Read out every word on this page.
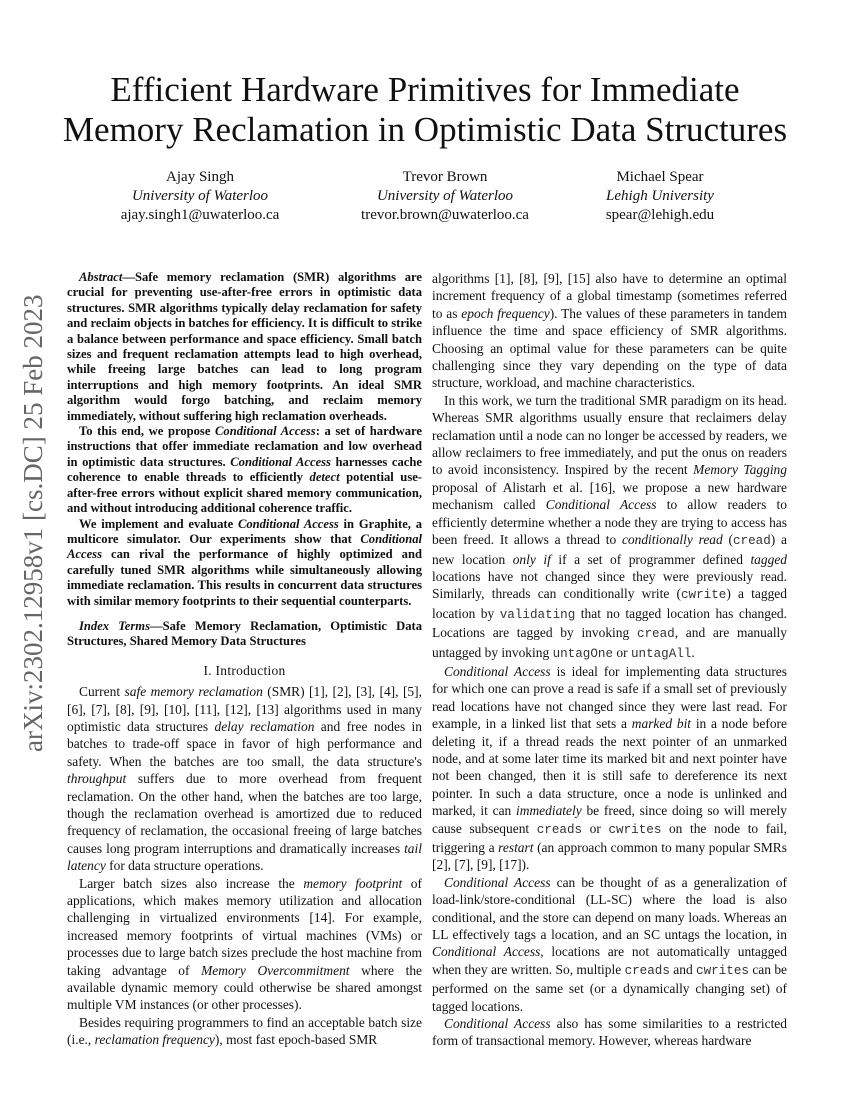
Efficient Hardware Primitives for Immediate Memory Reclamation in Optimistic Data Structures
Ajay Singh
University of Waterloo
ajay.singh1@uwaterloo.ca
Trevor Brown
University of Waterloo
trevor.brown@uwaterloo.ca
Michael Spear
Lehigh University
spear@lehigh.edu
arXiv:2302.12958v1 [cs.DC] 25 Feb 2023

Abstract—Safe memory reclamation (SMR) algorithms are crucial for preventing use-after-free errors in optimistic data structures. SMR algorithms typically delay reclamation for safety and reclaim objects in batches for efficiency. It is difficult to strike a balance between performance and space efficiency. Small batch sizes and frequent reclamation attempts lead to high overhead, while freeing large batches can lead to long program interruptions and high memory footprints. An ideal SMR algorithm would forgo batching, and reclaim memory immediately, without suffering high reclamation overheads.

To this end, we propose Conditional Access: a set of hardware instructions that offer immediate reclamation and low overhead in optimistic data structures. Conditional Access harnesses cache coherence to enable threads to efficiently detect potential use-after-free errors without explicit shared memory communication, and without introducing additional coherence traffic.

We implement and evaluate Conditional Access in Graphite, a multicore simulator. Our experiments show that Conditional Access can rival the performance of highly optimized and carefully tuned SMR algorithms while simultaneously allowing immediate reclamation. This results in concurrent data structures with similar memory footprints to their sequential counterparts.

Index Terms—Safe Memory Reclamation, Optimistic Data Structures, Shared Memory Data Structures

I. Introduction

Current safe memory reclamation (SMR) [1], [2], [3], [4], [5], [6], [7], [8], [9], [10], [11], [12], [13] algorithms used in many optimistic data structures delay reclamation and free nodes in batches to trade-off space in favor of high performance and safety. When the batches are too small, the data structure's throughput suffers due to more overhead from frequent reclamation. On the other hand, when the batches are too large, though the reclamation overhead is amortized due to reduced frequency of reclamation, the occasional freeing of large batches causes long program interruptions and dramatically increases tail latency for data structure operations.

Larger batch sizes also increase the memory footprint of applications, which makes memory utilization and allocation challenging in virtualized environments [14]. For example, increased memory footprints of virtual machines (VMs) or processes due to large batch sizes preclude the host machine from taking advantage of Memory Overcommitment where the available dynamic memory could otherwise be shared amongst multiple VM instances (or other processes).

Besides requiring programmers to find an acceptable batch size (i.e., reclamation frequency), most fast epoch-based SMR

algorithms [1], [8], [9], [15] also have to determine an optimal increment frequency of a global timestamp (sometimes referred to as epoch frequency). The values of these parameters in tandem influence the time and space efficiency of SMR algorithms. Choosing an optimal value for these parameters can be quite challenging since they vary depending on the type of data structure, workload, and machine characteristics.

In this work, we turn the traditional SMR paradigm on its head. Whereas SMR algorithms usually ensure that reclaimers delay reclamation until a node can no longer be accessed by readers, we allow reclaimers to free immediately, and put the onus on readers to avoid inconsistency. Inspired by the recent Memory Tagging proposal of Alistarh et al. [16], we propose a new hardware mechanism called Conditional Access to allow readers to efficiently determine whether a node they are trying to access has been freed. It allows a thread to conditionally read (cread) a new location only if if a set of programmer defined tagged locations have not changed since they were previously read. Similarly, threads can conditionally write (cwrite) a tagged location by validating that no tagged location has changed. Locations are tagged by invoking cread, and are manually untagged by invoking untagOne or untagAll.

Conditional Access is ideal for implementing data structures for which one can prove a read is safe if a small set of previously read locations have not changed since they were last read. For example, in a linked list that sets a marked bit in a node before deleting it, if a thread reads the next pointer of an unmarked node, and at some later time its marked bit and next pointer have not been changed, then it is still safe to dereference its next pointer. In such a data structure, once a node is unlinked and marked, it can immediately be freed, since doing so will merely cause subsequent creads or cwrites on the node to fail, triggering a restart (an approach common to many popular SMRs [2], [7], [9], [17]).

Conditional Access can be thought of as a generalization of load-link/store-conditional (LL-SC) where the load is also conditional, and the store can depend on many loads. Whereas an LL effectively tags a location, and an SC untags the location, in Conditional Access, locations are not automatically untagged when they are written. So, multiple creads and cwrites can be performed on the same set (or a dynamically changing set) of tagged locations.

Conditional Access also has some similarities to a restricted form of transactional memory. However, whereas hardware
